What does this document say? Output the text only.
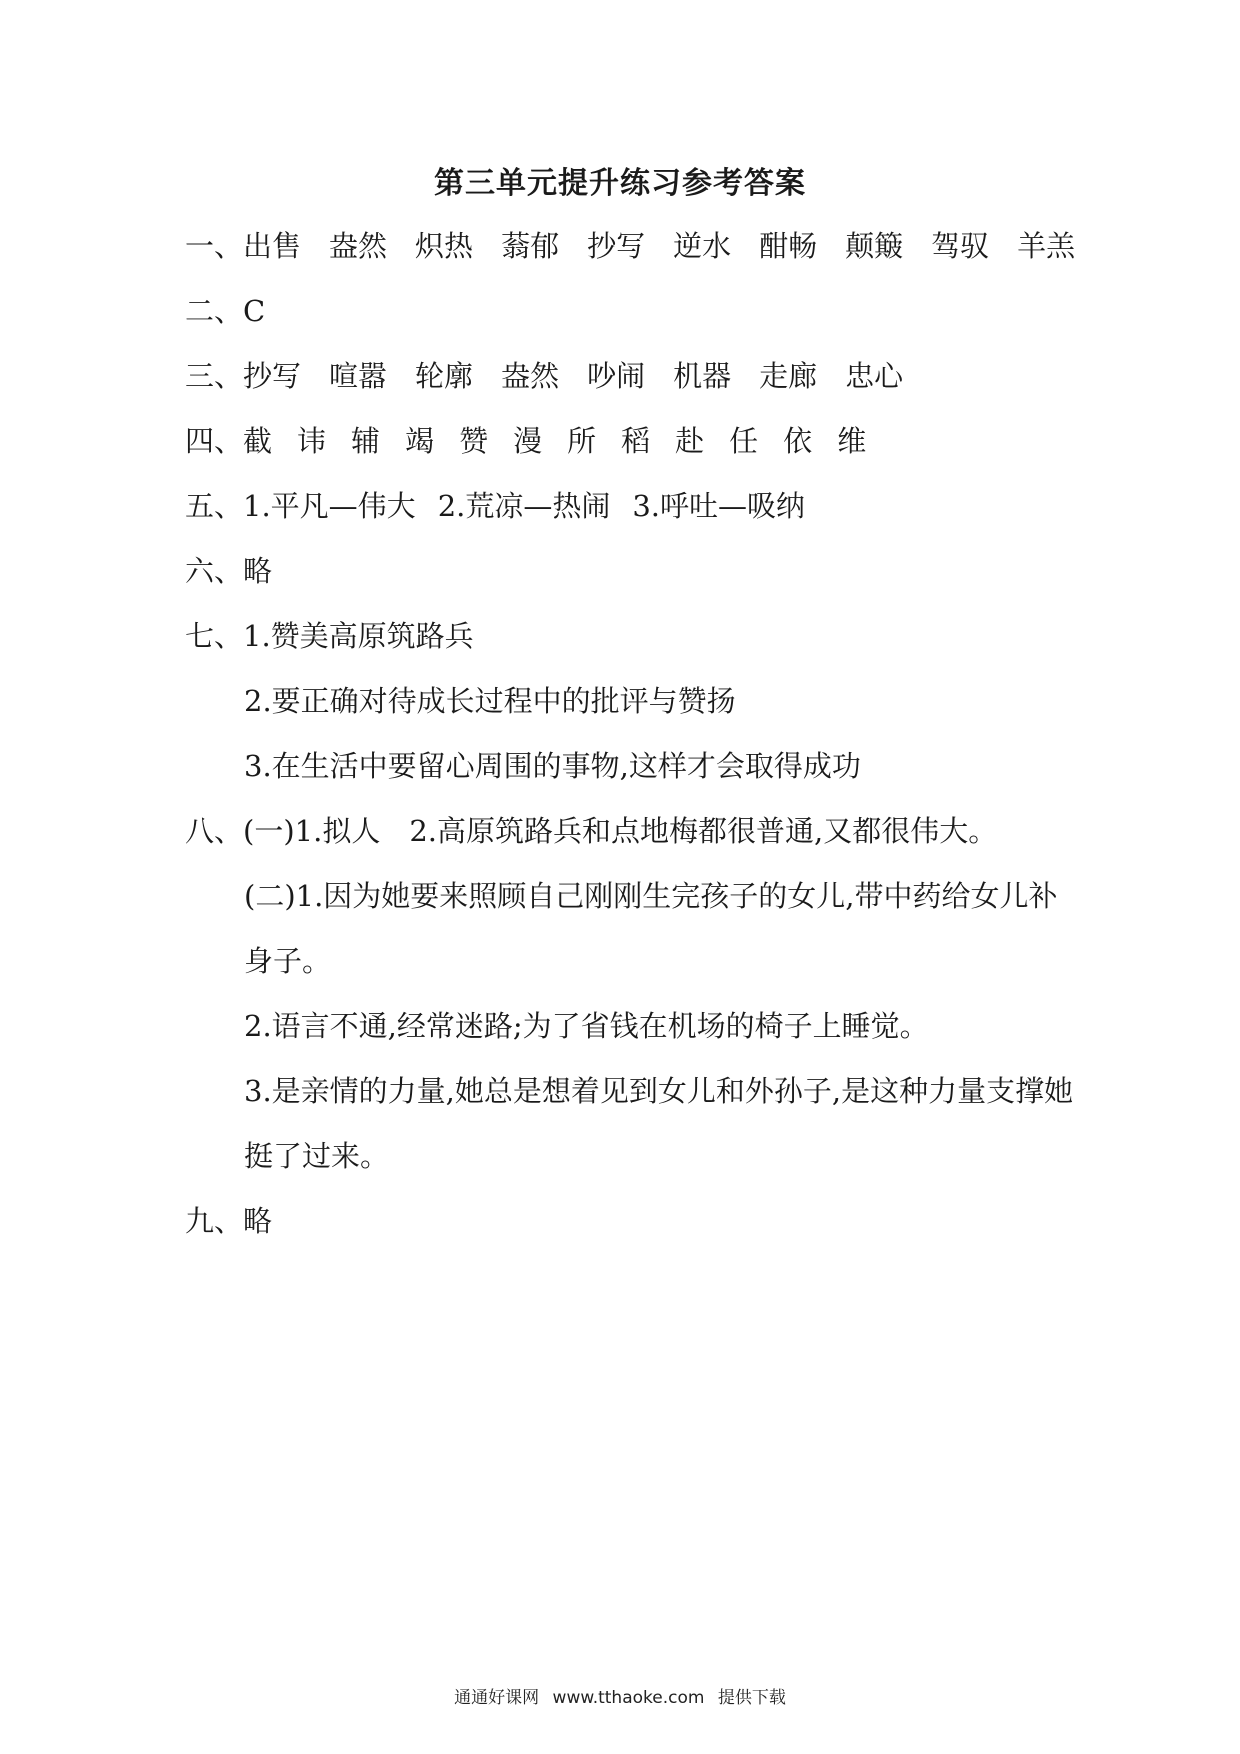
第三单元提升练习参考答案
一、出售 盎然 炽热 蓊郁 抄写 逆水 酣畅 颠簸 驾驭 羊羔
二、C
三、抄写 喧嚣 轮廓 盎然 吵闹 机器 走廊 忠心
四、截 讳 辅 竭 赞 漫 所 稻 赴 任 依 维
五、1.平凡—伟大 2.荒凉—热闹 3.呼吐—吸纳
六、略
七、1.赞美高原筑路兵
2.要正确对待成长过程中的批评与赞扬
3.在生活中要留心周围的事物,这样才会取得成功
八、(一)1.拟人　2.高原筑路兵和点地梅都很普通,又都很伟大。
(二)1.因为她要来照顾自己刚刚生完孩子的女儿,带中药给女儿补
身子。
2.语言不通,经常迷路;为了省钱在机场的椅子上睡觉。
3.是亲情的力量,她总是想着见到女儿和外孙子,是这种力量支撑她
挺了过来。
九、略
通通好课网 www.tthaoke.com 提供下载
